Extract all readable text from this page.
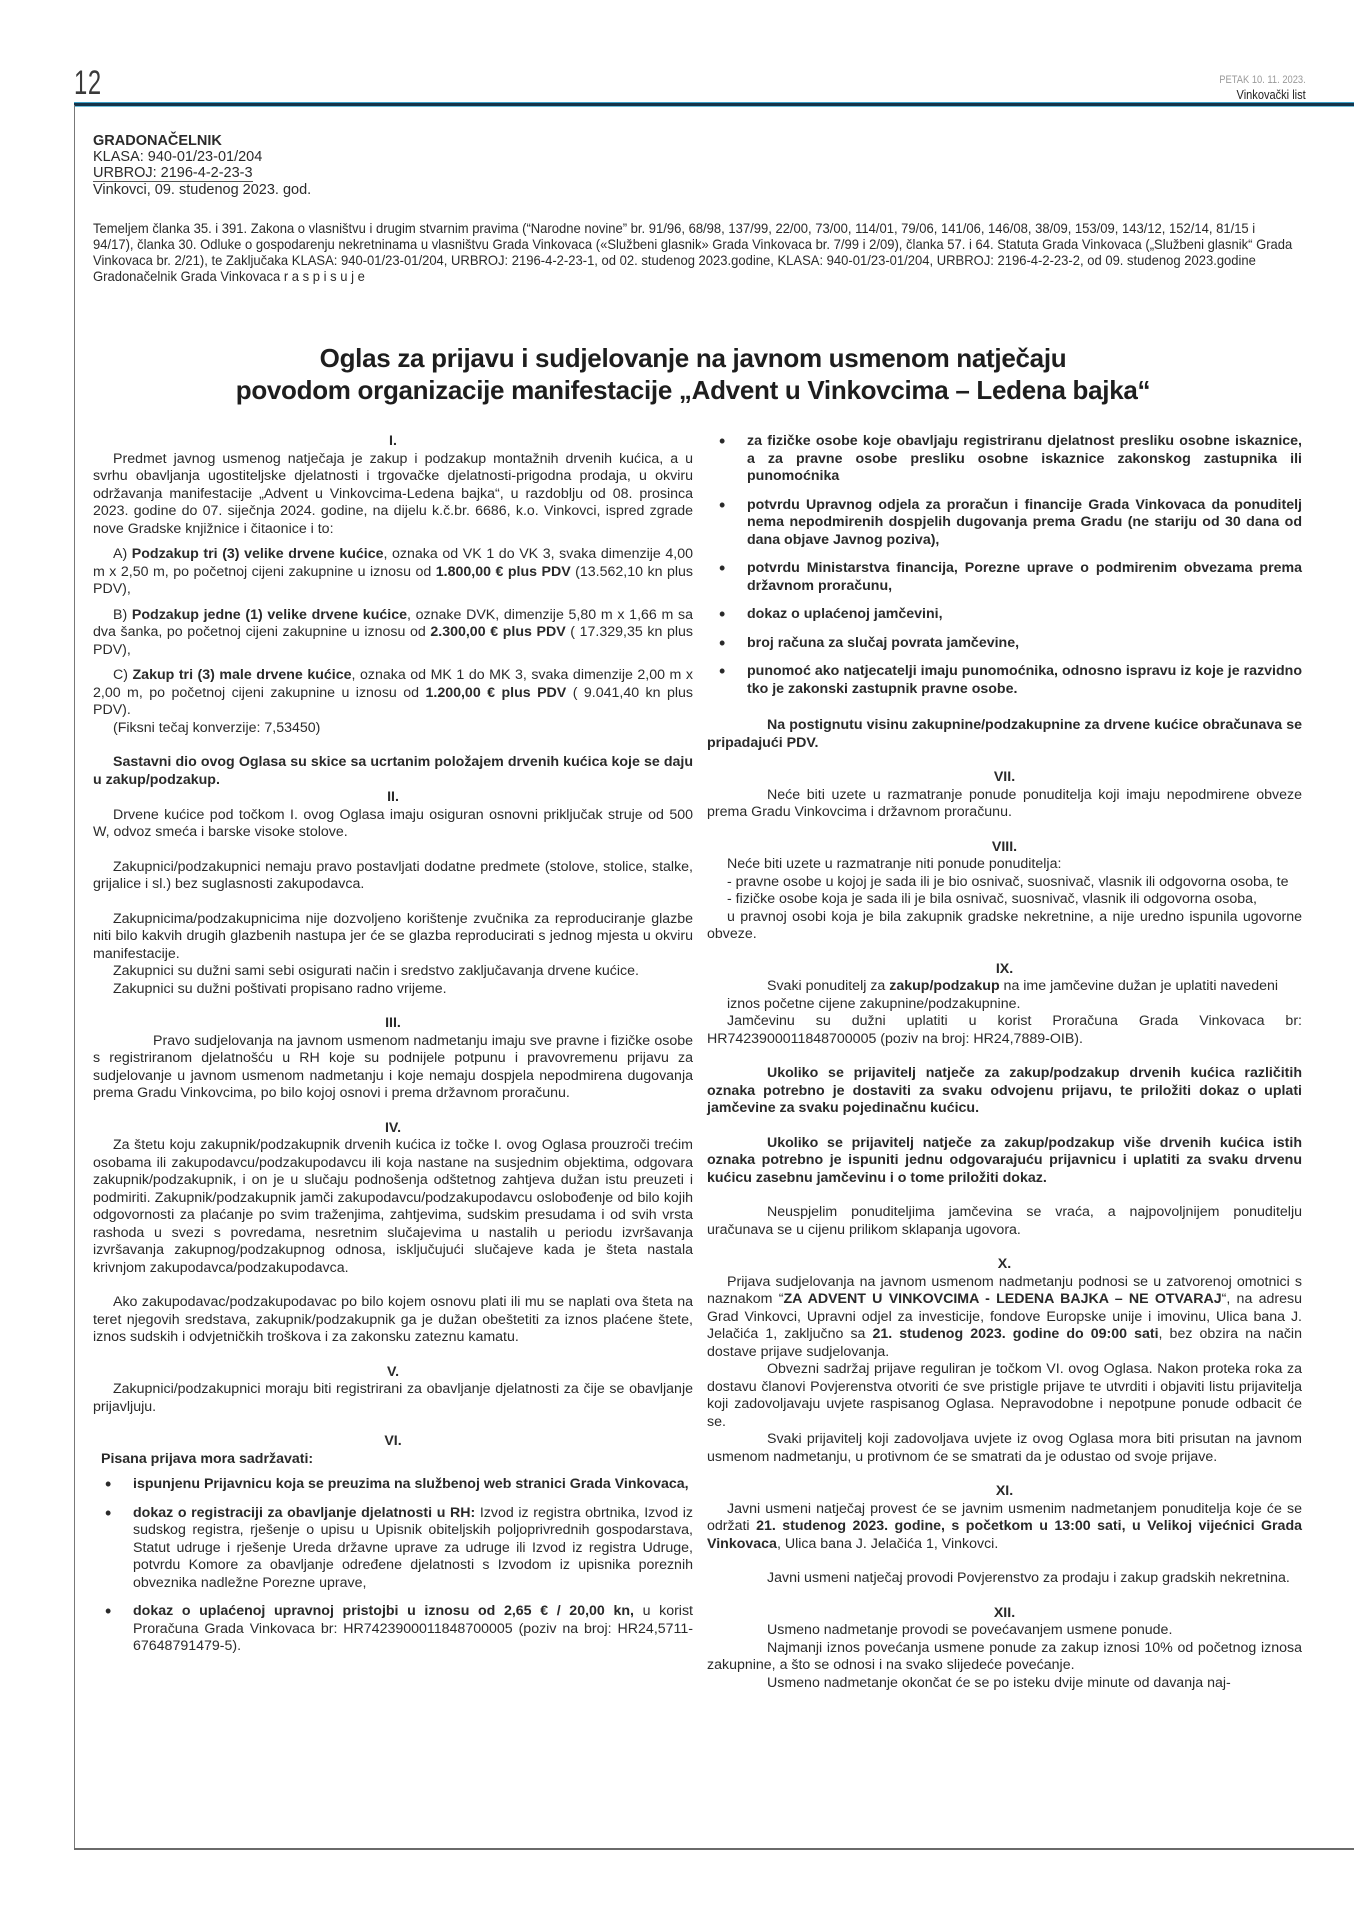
12	PETAK 10. 11. 2023.
Vinkovački list
GRADONAČELNIK
KLASA: 940-01/23-01/204
URBROJ: 2196-4-2-23-3
Vinkovci, 09. studenog 2023. god.
Temeljem članka 35. i 391. Zakona o vlasništvu i drugim stvarnim pravima (“Narodne novine” br. 91/96, 68/98, 137/99, 22/00, 73/00, 114/01, 79/06, 141/06, 146/08, 38/09, 153/09, 143/12, 152/14, 81/15 i 94/17), članka 30. Odluke o gospodarenju nekretninama u vlasništvu Grada Vinkovaca («Službeni glasnik» Grada Vinkovaca br. 7/99 i 2/09), članka 57. i 64. Statuta Grada Vinkovaca („Službeni glasnik“ Grada Vinkovaca br. 2/21), te Zaključaka KLASA: 940-01/23-01/204, URBROJ: 2196-4-2-23-1, od 02. studenog 2023.godine, KLASA: 940-01/23-01/204, URBROJ: 2196-4-2-23-2, od 09. studenog 2023.godine Gradonačelnik Grada Vinkovaca r a s p i s u j e
Oglas za prijavu i sudjelovanje na javnom usmenom natječaju
povodom organizacije manifestacije „Advent u Vinkovcima – Ledena bajka“

I.

Predmet javnog usmenog natječaja je zakup i podzakup montažnih drvenih kućica, a u svrhu obavljanja ugostiteljske djelatnosti i trgovačke djelatnosti-prigodna prodaja, u okviru održavanja manifestacije „Advent u Vinkovcima-Ledena bajka“, u razdoblju od 08. prosinca 2023. godine do 07. siječnja 2024. godine, na dijelu k.č.br. 6686, k.o. Vinkovci, ispred zgrade nove Gradske knjižnice i čitaonice i to:

A) Podzakup tri (3) velike drvene kućice, oznaka od VK 1 do VK 3, svaka dimenzije 4,00 m x 2,50 m, po početnoj cijeni zakupnine u iznosu od 1.800,00 € plus PDV (13.562,10 kn plus PDV),

B) Podzakup jedne (1) velike drvene kućice, oznake DVK, dimenzije 5,80 m x 1,66 m sa dva šanka, po početnoj cijeni zakupnine u iznosu od 2.300,00 € plus PDV ( 17.329,35 kn plus PDV),

C) Zakup tri (3) male drvene kućice, oznaka od MK 1 do MK 3, svaka dimenzije 2,00 m x 2,00 m, po početnoj cijeni zakupnine u iznosu od 1.200,00 € plus PDV ( 9.041,40 kn plus PDV).

(Fiksni tečaj konverzije: 7,53450)

Sastavni dio ovog Oglasa su skice sa ucrtanim položajem drvenih kućica koje se daju u zakup/podzakup.

II.

Drvene kućice pod točkom I. ovog Oglasa imaju osiguran osnovni priključak struje od 500 W, odvoz smeća i barske visoke stolove.

Zakupnici/podzakupnici nemaju pravo postavljati dodatne predmete (stolove, stolice, stalke, grijalice i sl.) bez suglasnosti zakupodavca.

Zakupnicima/podzakupnicima nije dozvoljeno korištenje zvučnika za reproduciranje glazbe niti bilo kakvih drugih glazbenih nastupa jer će se glazba reproducirati s jednog mjesta u okviru manifestacije.

Zakupnici su dužni sami sebi osigurati način i sredstvo zaključavanja drvene kućice.

Zakupnici su dužni poštivati propisano radno vrijeme.

III.

Pravo sudjelovanja na javnom usmenom nadmetanju imaju sve pravne i fizičke osobe s registriranom djelatnošću u RH koje su podnijele potpunu i pravovremenu prijavu za sudjelovanje u javnom usmenom nadmetanju i koje nemaju dospjela nepodmirena dugovanja prema Gradu Vinkovcima, po bilo kojoj osnovi i prema državnom proračunu.

IV.

Za štetu koju zakupnik/podzakupnik drvenih kućica iz točke I. ovog Oglasa prouzroči trećim osobama ili zakupodavcu/podzakupodavcu ili koja nastane na susjednim objektima, odgovara zakupnik/podzakupnik, i on je u slučaju podnošenja odštetnog zahtjeva dužan istu preuzeti i podmiriti. Zakupnik/podzakupnik jamči zakupodavcu/podzakupodavcu oslobođenje od bilo kojih odgovornosti za plaćanje po svim traženjima, zahtjevima, sudskim presudama i od svih vrsta rashoda u svezi s povredama, nesretnim slučajevima u nastalih u periodu izvršavanja izvršavanja zakupnog/podzakupnog odnosa, isključujući slučajeve kada je šteta nastala krivnjom zakupodavca/podzakupodavca.

Ako zakupodavac/podzakupodavac po bilo kojem osnovu plati ili mu se naplati ova šteta na teret njegovih sredstava, zakupnik/podzakupnik ga je dužan obeštetiti za iznos plaćene štete, iznos sudskih i odvjetničkih troškova i za zakonsku zateznu kamatu.

V.

Zakupnici/podzakupnici moraju biti registrirani za obavljanje djelatnosti za čije se obavljanje prijavljuju.

VI.

Pisana prijava mora sadržavati:

• ispunjenu Prijavnicu koja se preuzima na službenoj web stranici Grada Vinkovaca,
• dokaz o registraciji za obavljanje djelatnosti u RH: Izvod iz registra obrtnika, Izvod iz sudskog registra, rješenje o upisu u Upisnik obiteljskih poljoprivrednih gospodarstava, Statut udruge i rješenje Ureda državne uprave za udruge ili Izvod iz registra Udruge, potvrdu Komore za obavljanje određene djelatnosti s Izvodom iz upisnika poreznih obveznika nadležne Porezne uprave,
• dokaz o uplaćenoj upravnoj pristojbi u iznosu od 2,65 € / 20,00 kn, u korist Proračuna Grada Vinkovaca br: HR7423900011848700005 (poziv na broj: HR24,5711-67648791479-5).
• za fizičke osobe koje obavljaju registriranu djelatnost presliku osobne iskaznice, a za pravne osobe presliku osobne iskaznice zakonskog zastupnika ili punomoćnika
• potvrdu Upravnog odjela za proračun i financije Grada Vinkovaca da ponuditelj nema nepodmirenih dospjelih dugovanja prema Gradu (ne stariju od 30 dana od dana objave Javnog poziva),
• potvrdu Ministarstva financija, Porezne uprave o podmirenim obvezama prema državnom proračunu,
• dokaz o uplaćenoj jamčevini,
• broj računa za slučaj povrata jamčevine,
• punomoć ako natjecatelji imaju punomoćnika, odnosno ispravu iz koje je razvidno tko je zakonski zastupnik pravne osobe.

Na postignutu visinu zakupnine/podzakupnine za drvene kućice obračunava se pripadajući PDV.

VII.

Neće biti uzete u razmatranje ponude ponuditelja koji imaju nepodmirene obveze prema Gradu Vinkovcima i državnom proračunu.

VIII.

Neće biti uzete u razmatranje niti ponude ponuditelja:

- pravne osobe u kojoj je sada ili je bio osnivač, suosnivač, vlasnik ili odgovorna osoba, te

- fizičke osobe koja je sada ili je bila osnivač, suosnivač, vlasnik ili odgovorna osoba,

u pravnoj osobi koja je bila zakupnik gradske nekretnine, a nije uredno ispunila ugovorne obveze.

IX.

Svaki ponuditelj za zakup/podzakup na ime jamčevine dužan je uplatiti navedeni

iznos početne cijene zakupnine/podzakupnine.

Jamčevinu su dužni uplatiti u korist Proračuna Grada Vinkovaca br: HR7423900011848700005 (poziv na broj: HR24,7889-OIB).

Ukoliko se prijavitelj natječe za zakup/podzakup drvenih kućica različitih oznaka potrebno je dostaviti za svaku odvojenu prijavu, te priložiti dokaz o uplati jamčevine za svaku pojedinačnu kućicu.

Ukoliko se prijavitelj natječe za zakup/podzakup više drvenih kućica istih oznaka potrebno je ispuniti jednu odgovarajuću prijavnicu i uplatiti za svaku drvenu kućicu zasebnu jamčevinu i o tome priložiti dokaz.

Neuspjelim ponuditeljima jamčevina se vraća, a najpovoljnijem ponuditelju uračunava se u cijenu prilikom sklapanja ugovora.

X.

Prijava sudjelovanja na javnom usmenom nadmetanju podnosi se u zatvorenoj omotnici s naznakom “ZA ADVENT U VINKOVCIMA - LEDENA BAJKA – NE OTVARAJ“, na adresu Grad Vinkovci, Upravni odjel za investicije, fondove Europske unije i imovinu, Ulica bana J. Jelačića 1, zaključno sa 21. studenog 2023. godine do 09:00 sati, bez obzira na način dostave prijave sudjelovanja.

Obvezni sadržaj prijave reguliran je točkom VI. ovog Oglasa. Nakon proteka roka za dostavu članovi Povjerenstva otvoriti će sve pristigle prijave te utvrditi i objaviti listu prijavitelja koji zadovoljavaju uvjete raspisanog Oglasa. Nepravodobne i nepotpune ponude odbacit će se.

Svaki prijavitelj koji zadovoljava uvjete iz ovog Oglasa mora biti prisutan na javnom usmenom nadmetanju, u protivnom će se smatrati da je odustao od svoje prijave.

XI.

Javni usmeni natječaj provest će se javnim usmenim nadmetanjem ponuditelja koje će se održati 21. studenog 2023. godine, s početkom u 13:00 sati, u Velikoj vijećnici Grada Vinkovaca, Ulica bana J. Jelačića 1, Vinkovci.

Javni usmeni natječaj provodi Povjerenstvo za prodaju i zakup gradskih nekretnina.

XII.

Usmeno nadmetanje provodi se povećavanjem usmene ponude.

Najmanji iznos povećanja usmene ponude za zakup iznosi 10% od početnog iznosa zakupnine, a što se odnosi i na svako slijedeće povećanje.

Usmeno nadmetanje okončat će se po isteku dvije minute od davanja naj-
